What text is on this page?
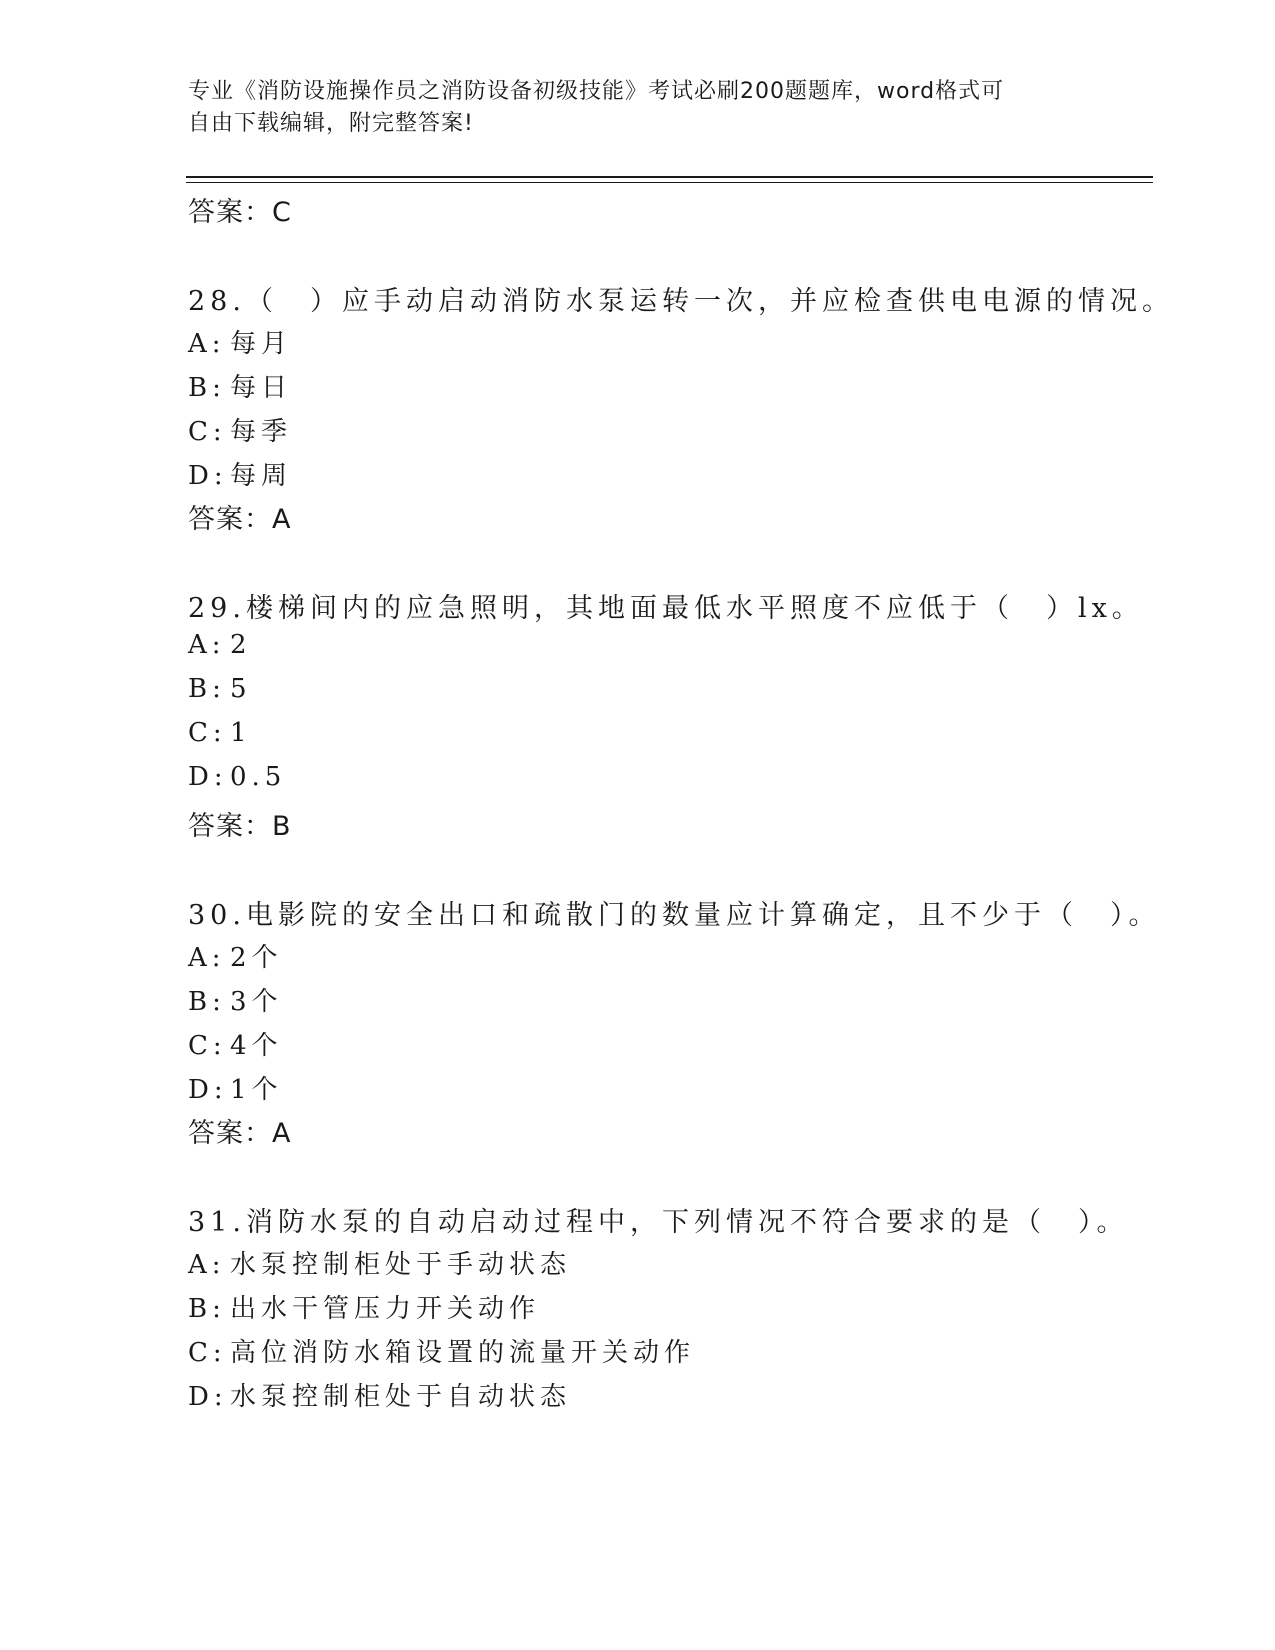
专业《消防设施操作员之消防设备初级技能》考试必刷200题题库，word格式可
自由下载编辑，附完整答案!
答案：C
28.（　）应手动启动消防水泵运转一次，并应检查供电电源的情况。
A: 每月
B: 每日
C: 每季
D:每周
答案：A
29.楼梯间内的应急照明，其地面最低水平照度不应低于（　）lx。
A: 2
B: 5
C: 1
D:0.5
答案：B
30.电影院的安全出口和疏散门的数量应计算确定，且不少于（　）。
A: 2个
B: 3个
C: 4个
D:1个
答案：A
31.消防水泵的自动启动过程中，下列情况不符合要求的是（　）。
A: 水泵控制柜处于手动状态
B: 出水干管压力开关动作
C: 高位消防水箱设置的流量开关动作
D:水泵控制柜处于自动状态
